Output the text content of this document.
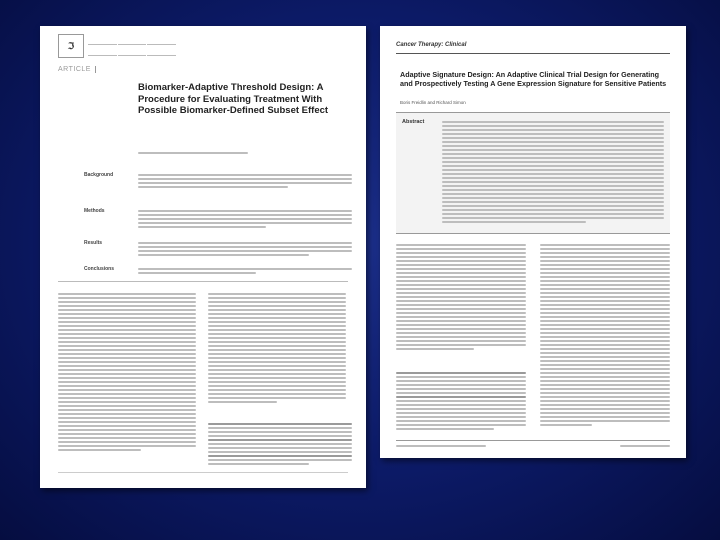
ℑ
ARTICLE
Biomarker-Adaptive Threshold Design: A Procedure for Evaluating Treatment With Possible Biomarker-Defined Subset Effect
Background
Methods
Results
Conclusions
Cancer Therapy: Clinical
Adaptive Signature Design: An Adaptive Clinical Trial Design for Generating and Prospectively Testing A Gene Expression Signature for Sensitive Patients
Boris Freidlin and Richard Simon
Abstract
